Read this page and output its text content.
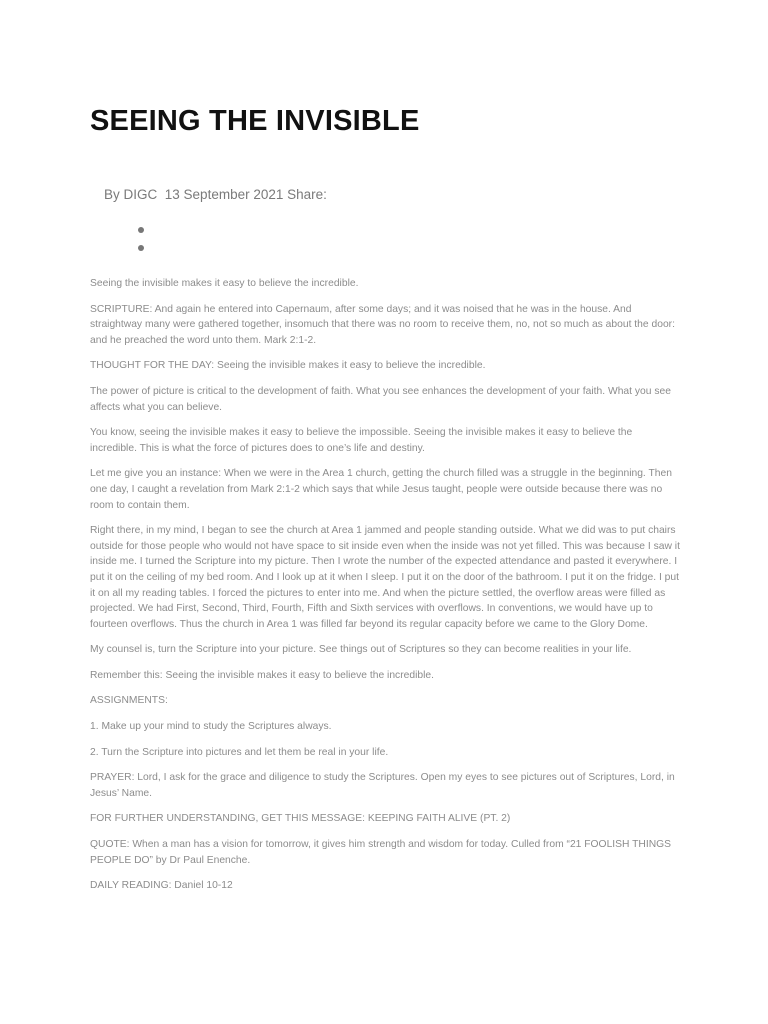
SEEING THE INVISIBLE
By DIGC 13 September 2021 Share:

Seeing the invisible makes it easy to believe the incredible.

SCRIPTURE: And again he entered into Capernaum, after some days; and it was noised that he was in the house. And straightway many were gathered together, insomuch that there was no room to receive them, no, not so much as about the door: and he preached the word unto them. Mark 2:1-2.

THOUGHT FOR THE DAY: Seeing the invisible makes it easy to believe the incredible.

The power of picture is critical to the development of faith. What you see enhances the development of your faith. What you see affects what you can believe.

You know, seeing the invisible makes it easy to believe the impossible. Seeing the invisible makes it easy to believe the incredible. This is what the force of pictures does to one’s life and destiny.

Let me give you an instance: When we were in the Area 1 church, getting the church filled was a struggle in the beginning. Then one day, I caught a revelation from Mark 2:1-2 which says that while Jesus taught, people were outside because there was no room to contain them.

Right there, in my mind, I began to see the church at Area 1 jammed and people standing outside. What we did was to put chairs outside for those people who would not have space to sit inside even when the inside was not yet filled. This was because I saw it inside me. I turned the Scripture into my picture. Then I wrote the number of the expected attendance and pasted it everywhere. I put it on the ceiling of my bed room. And I look up at it when I sleep. I put it on the door of the bathroom. I put it on the fridge. I put it on all my reading tables. I forced the pictures to enter into me. And when the picture settled, the overflow areas were filled as projected. We had First, Second, Third, Fourth, Fifth and Sixth services with overflows. In conventions, we would have up to fourteen overflows. Thus the church in Area 1 was filled far beyond its regular capacity before we came to the Glory Dome.

My counsel is, turn the Scripture into your picture. See things out of Scriptures so they can become realities in your life.

Remember this: Seeing the invisible makes it easy to believe the incredible.

ASSIGNMENTS:

1. Make up your mind to study the Scriptures always.

2. Turn the Scripture into pictures and let them be real in your life.

PRAYER: Lord, I ask for the grace and diligence to study the Scriptures. Open my eyes to see pictures out of Scriptures, Lord, in Jesus’ Name.

FOR FURTHER UNDERSTANDING, GET THIS MESSAGE: KEEPING FAITH ALIVE (PT. 2)

QUOTE: When a man has a vision for tomorrow, it gives him strength and wisdom for today. Culled from “21 FOOLISH THINGS PEOPLE DO” by Dr Paul Enenche.

DAILY READING: Daniel 10-12
